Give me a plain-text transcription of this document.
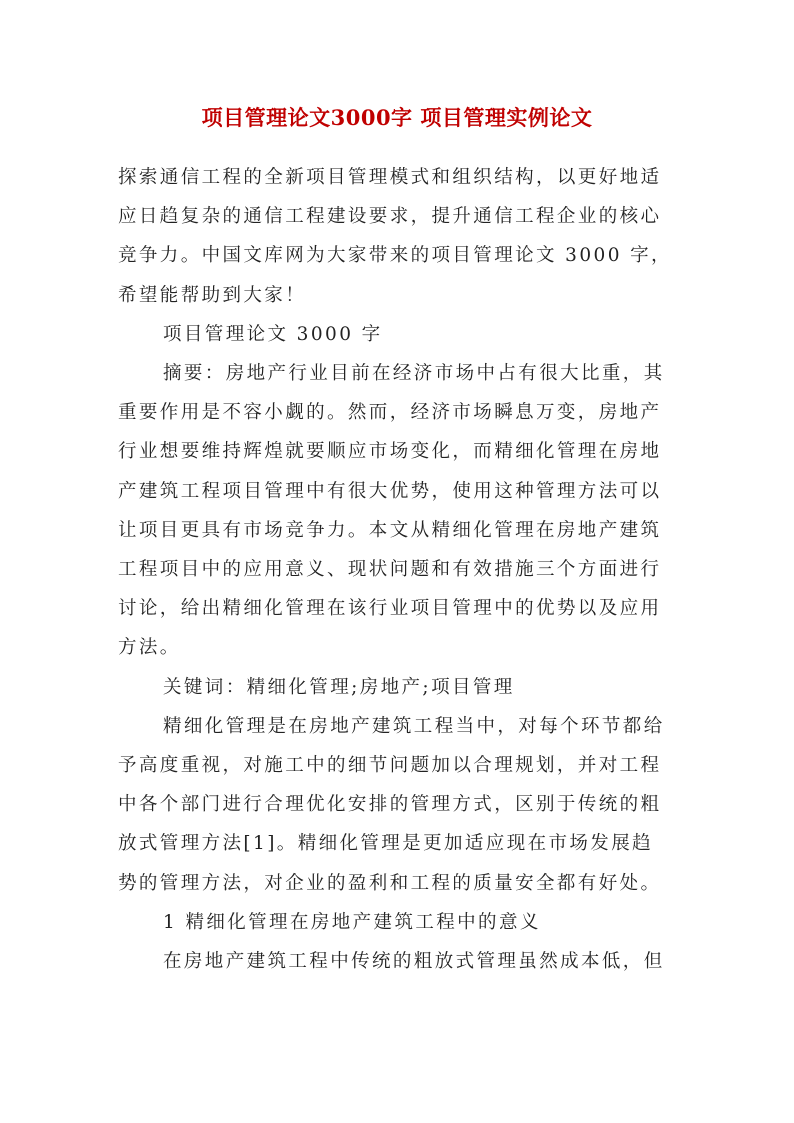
项目管理论文3000字 项目管理实例论文

探索通信工程的全新项目管理模式和组织结构，以更好地适
应日趋复杂的通信工程建设要求，提升通信工程企业的核心
竞争力。中国文库网为大家带来的项目管理论文 3000 字，
希望能帮助到大家！

项目管理论文 3000 字

摘要：房地产行业目前在经济市场中占有很大比重，其
重要作用是不容小觑的。然而，经济市场瞬息万变，房地产
行业想要维持辉煌就要顺应市场变化，而精细化管理在房地
产建筑工程项目管理中有很大优势，使用这种管理方法可以
让项目更具有市场竞争力。本文从精细化管理在房地产建筑
工程项目中的应用意义、现状问题和有效措施三个方面进行
讨论，给出精细化管理在该行业项目管理中的优势以及应用
方法。

关键词：精细化管理;房地产;项目管理

精细化管理是在房地产建筑工程当中，对每个环节都给
予高度重视，对施工中的细节问题加以合理规划，并对工程
中各个部门进行合理优化安排的管理方式，区别于传统的粗
放式管理方法[1]。精细化管理是更加适应现在市场发展趋
势的管理方法，对企业的盈利和工程的质量安全都有好处。

1 精细化管理在房地产建筑工程中的意义

在房地产建筑工程中传统的粗放式管理虽然成本低，但
